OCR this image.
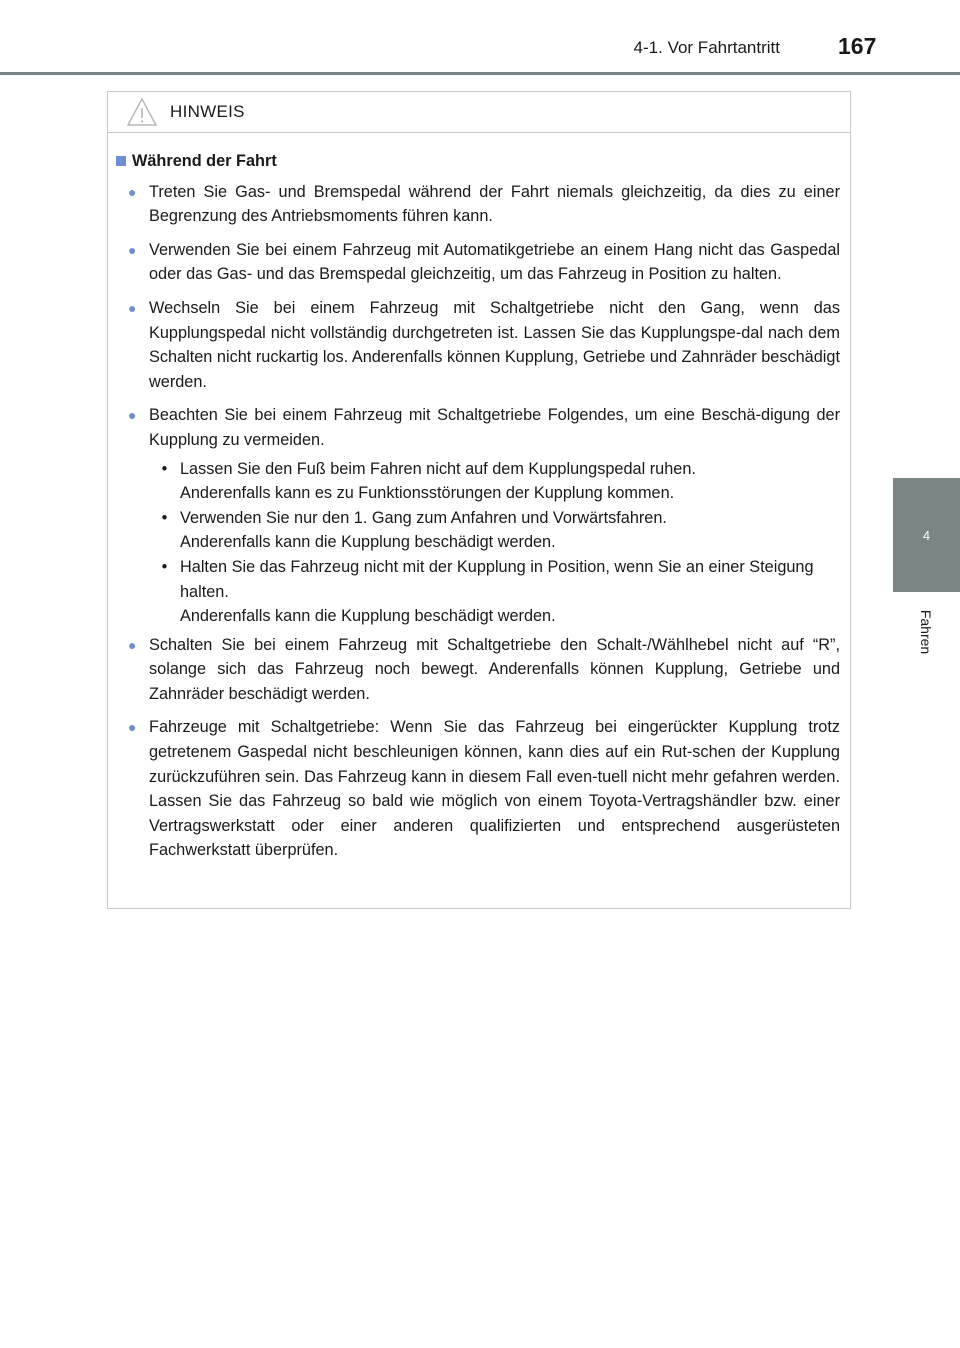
4-1. Vor Fahrtantritt	167
4
Fahren
HINWEIS
Während der Fahrt
● Treten Sie Gas- und Bremspedal während der Fahrt niemals gleichzeitig, da dies zu einer Begrenzung des Antriebsmoments führen kann.
● Verwenden Sie bei einem Fahrzeug mit Automatikgetriebe an einem Hang nicht das Gaspedal oder das Gas- und das Bremspedal gleichzeitig, um das Fahrzeug in Position zu halten.
● Wechseln Sie bei einem Fahrzeug mit Schaltgetriebe nicht den Gang, wenn das Kupplungspedal nicht vollständig durchgetreten ist. Lassen Sie das Kupplungspe-dal nach dem Schalten nicht ruckartig los. Anderenfalls können Kupplung, Getriebe und Zahnräder beschädigt werden.
● Beachten Sie bei einem Fahrzeug mit Schaltgetriebe Folgendes, um eine Beschä-digung der Kupplung zu vermeiden.
• Lassen Sie den Fuß beim Fahren nicht auf dem Kupplungspedal ruhen.
Anderenfalls kann es zu Funktionsstörungen der Kupplung kommen.
• Verwenden Sie nur den 1. Gang zum Anfahren und Vorwärtsfahren.
Anderenfalls kann die Kupplung beschädigt werden.
• Halten Sie das Fahrzeug nicht mit der Kupplung in Position, wenn Sie an einer Steigung halten.
Anderenfalls kann die Kupplung beschädigt werden.
● Schalten Sie bei einem Fahrzeug mit Schaltgetriebe den Schalt-/Wählhebel nicht auf “R”, solange sich das Fahrzeug noch bewegt. Anderenfalls können Kupplung, Getriebe und Zahnräder beschädigt werden.
● Fahrzeuge mit Schaltgetriebe: Wenn Sie das Fahrzeug bei eingerückter Kupplung trotz getretenem Gaspedal nicht beschleunigen können, kann dies auf ein Rut-schen der Kupplung zurückzuführen sein. Das Fahrzeug kann in diesem Fall even-tuell nicht mehr gefahren werden. Lassen Sie das Fahrzeug so bald wie möglich von einem Toyota-Vertragshändler bzw. einer Vertragswerkstatt oder einer anderen qualifizierten und entsprechend ausgerüsteten Fachwerkstatt überprüfen.
